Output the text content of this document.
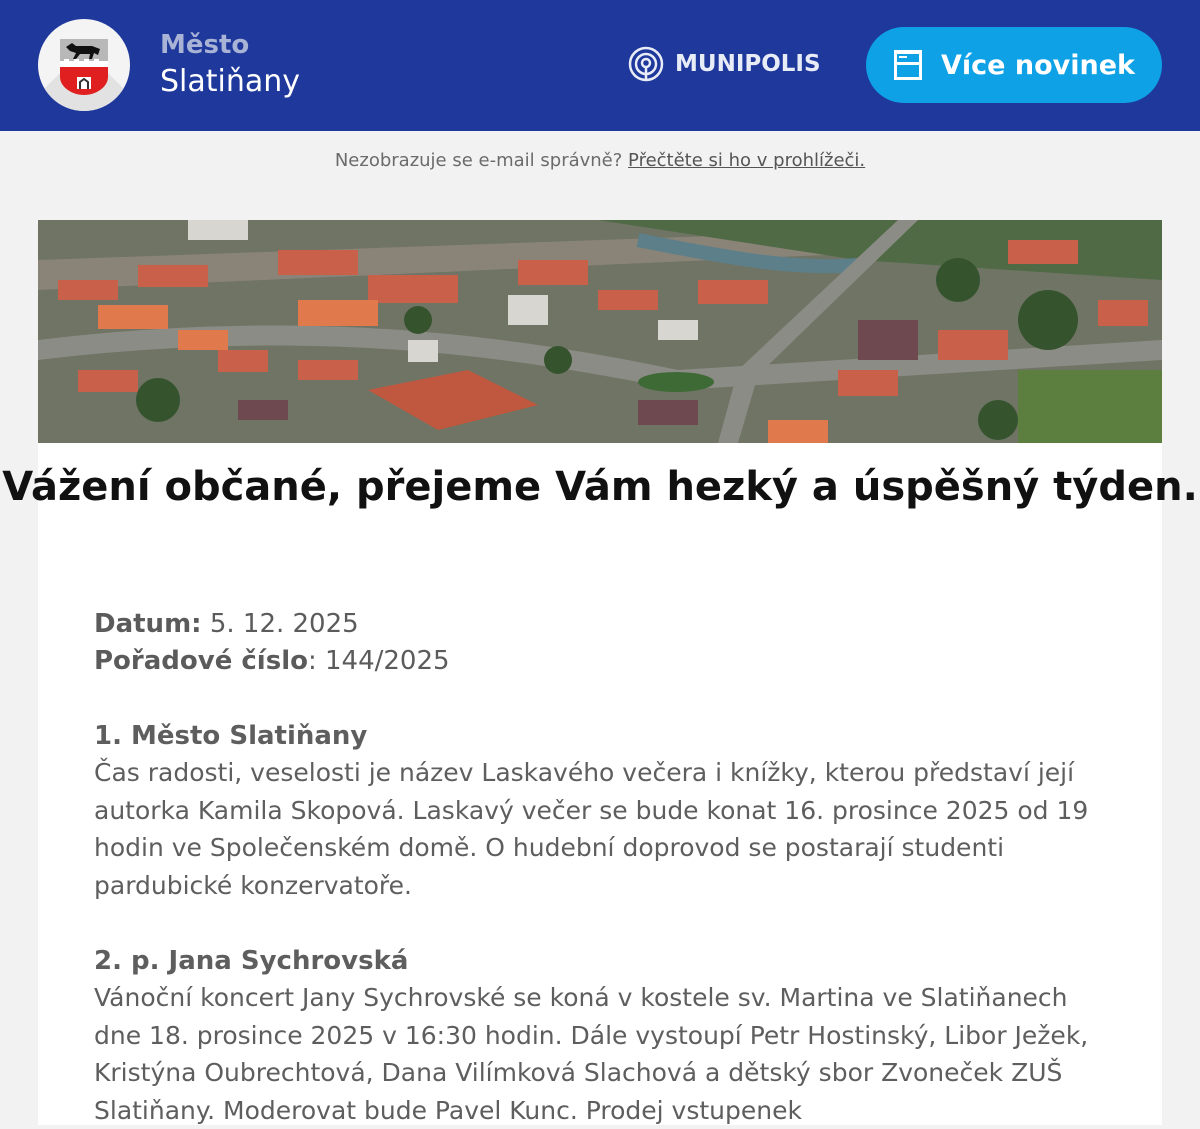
Město
Slatiňany	MUNIPOLIS	Více novinek
Nezobrazuje se e-mail správně? Přečtěte si ho v prohlížeči.
Vážení občané, přejeme Vám hezký a úspěšný týden.
Datum: 5. 12. 2025
Pořadové číslo: 144/2025
1. Město Slatiňany

Čas radosti, veselosti je název Laskavého večera i knížky, kterou představí její autorka Kamila Skopová. Laskavý večer se bude konat 16. prosince 2025 od 19 hodin ve Společenském domě. O hudební doprovod se postarají studenti pardubické konzervatoře.

2. p. Jana Sychrovská

Vánoční koncert Jany Sychrovské se koná v kostele sv. Martina ve Slatiňanech dne 18. prosince 2025 v 16:30 hodin. Dále vystoupí Petr Hostinský, Libor Ježek, Kristýna Oubrechtová, Dana Vilímková Slachová a dětský sbor Zvoneček ZUŠ Slatiňany. Moderovat bude Pavel Kunc. Prodej vstupenek
